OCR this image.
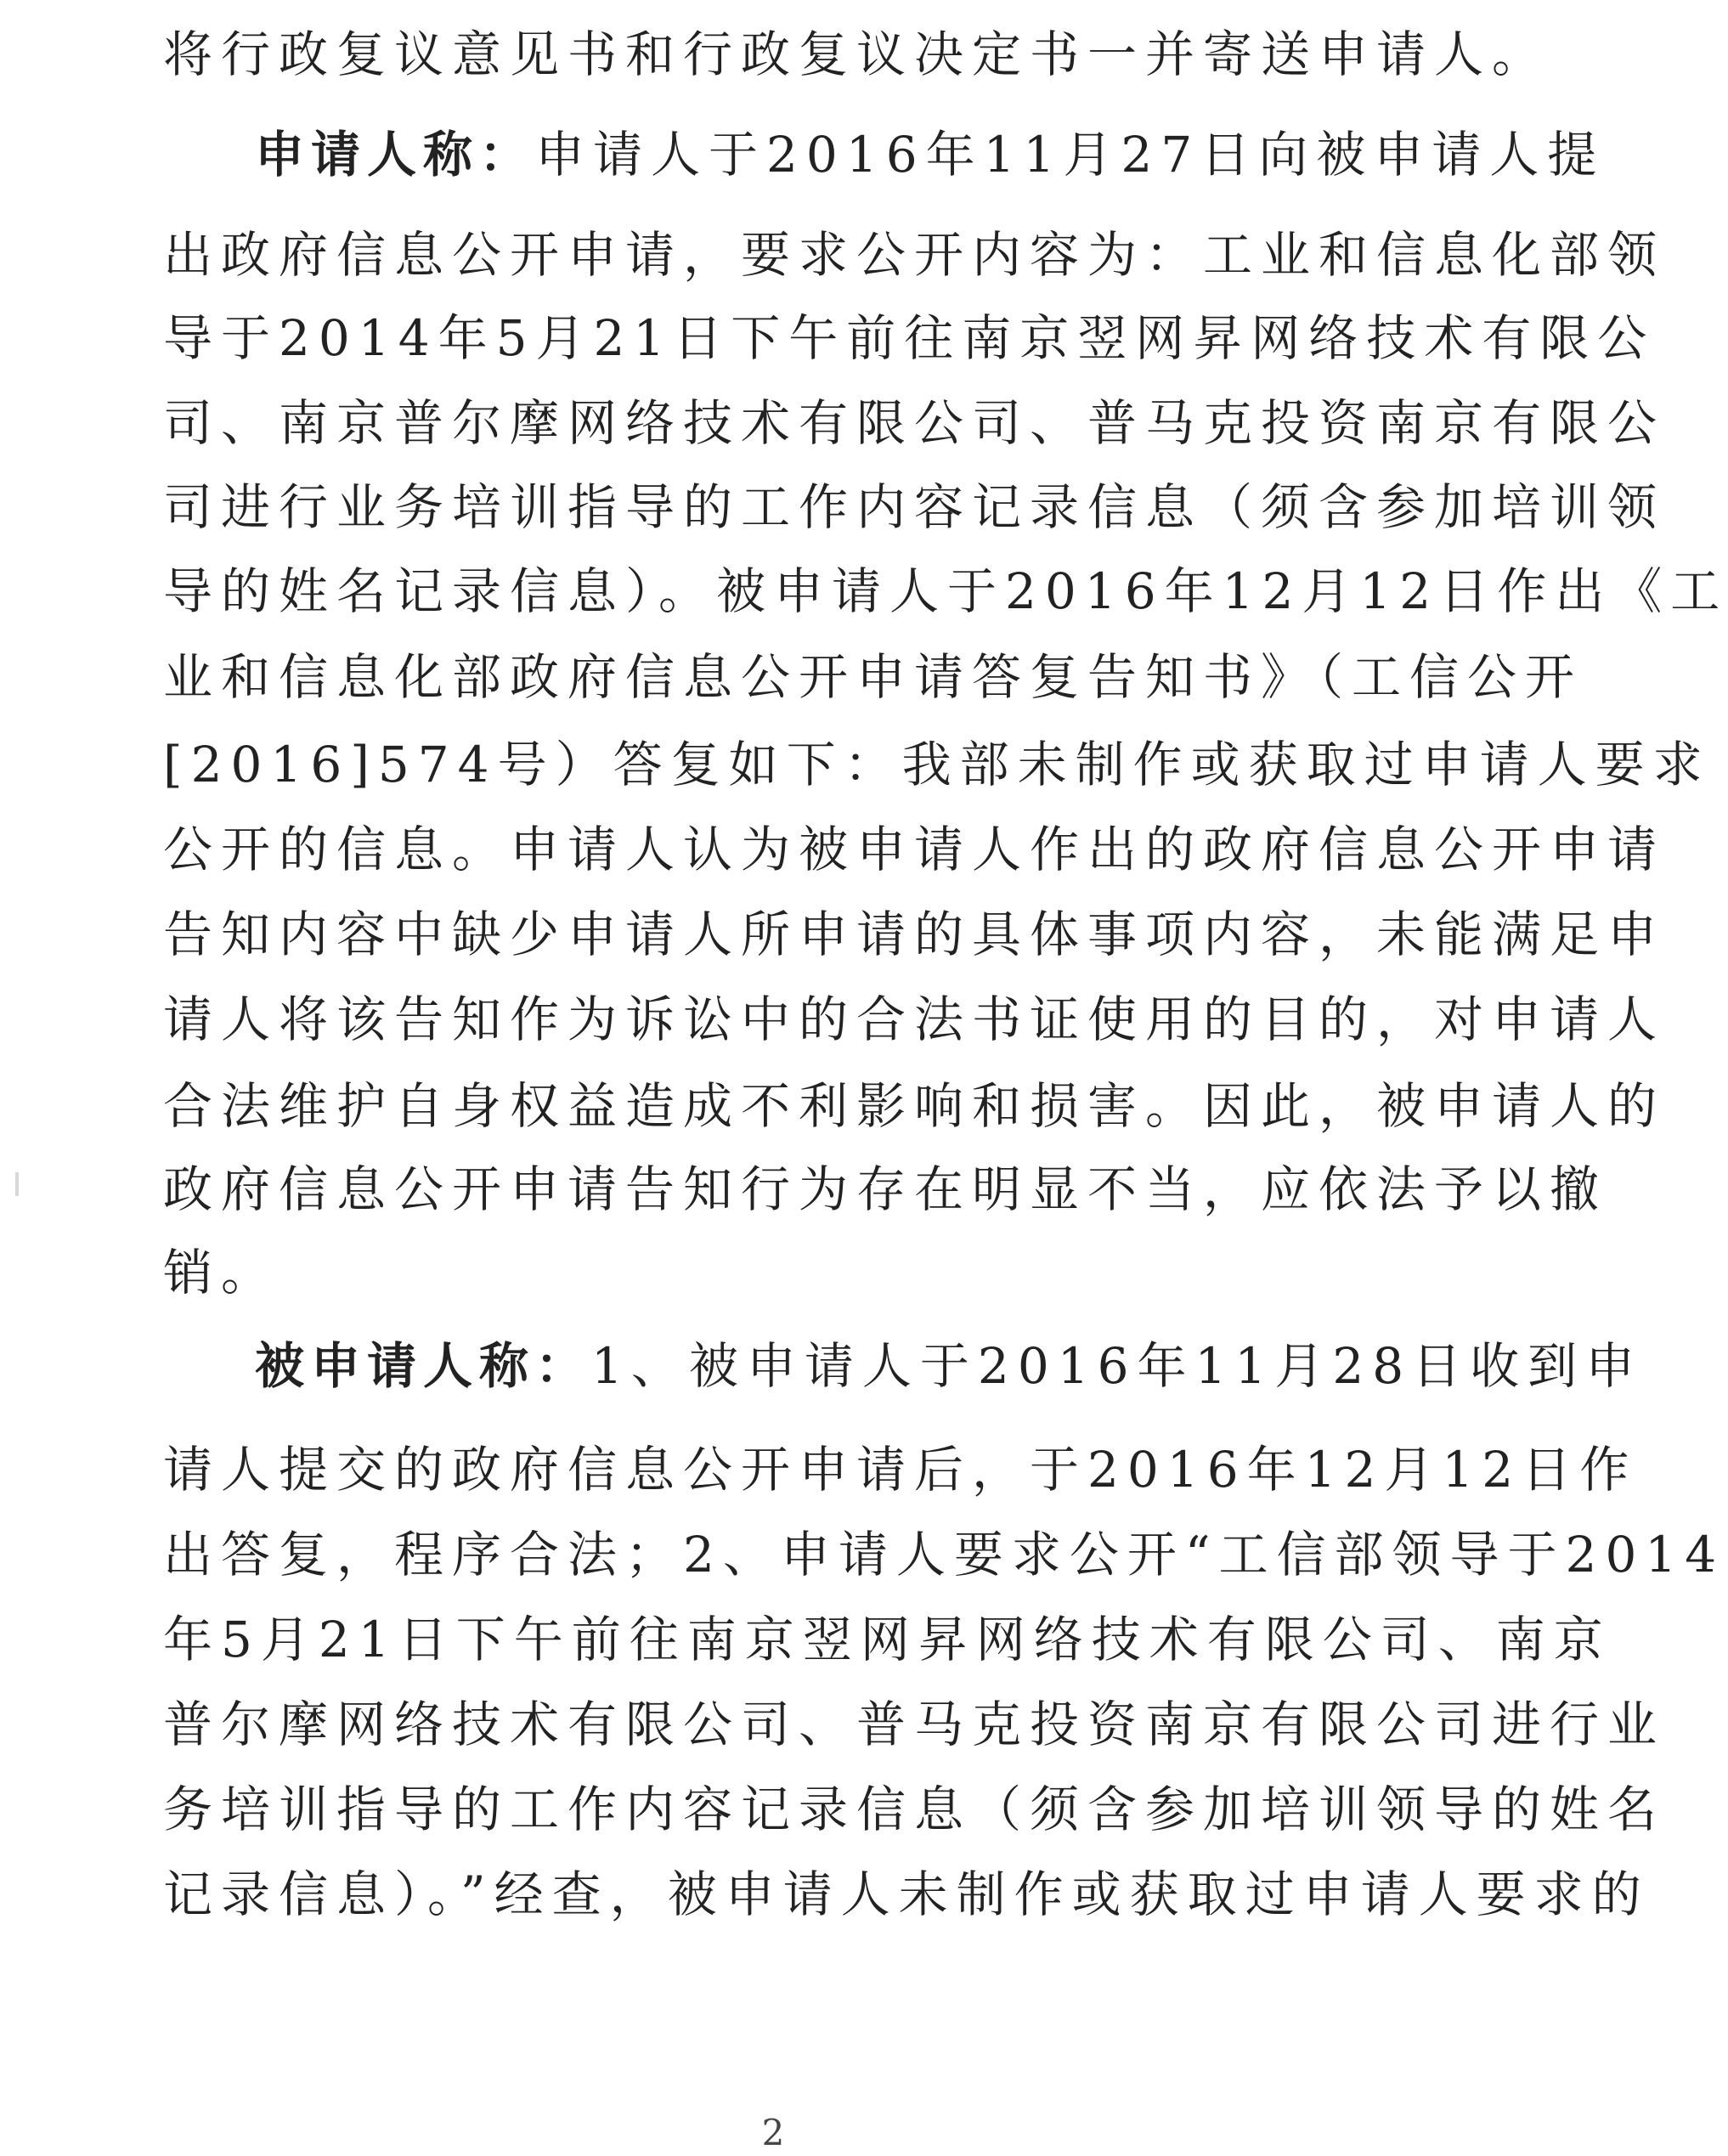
将行政复议意见书和行政复议决定书一并寄送申请人。
申请人称：申请人于2016年11月27日向被申请人提
出政府信息公开申请，要求公开内容为：工业和信息化部领
导于2014年5月21日下午前往南京翌网昇网络技术有限公
司、南京普尔摩网络技术有限公司、普马克投资南京有限公
司进行业务培训指导的工作内容记录信息（须含参加培训领
导的姓名记录信息）。被申请人于2016年12月12日作出《工
业和信息化部政府信息公开申请答复告知书》（工信公开
[2016]574号）答复如下：我部未制作或获取过申请人要求
公开的信息。申请人认为被申请人作出的政府信息公开申请
告知内容中缺少申请人所申请的具体事项内容，未能满足申
请人将该告知作为诉讼中的合法书证使用的目的，对申请人
合法维护自身权益造成不利影响和损害。因此，被申请人的
政府信息公开申请告知行为存在明显不当，应依法予以撤
销。
被申请人称：1、被申请人于2016年11月28日收到申
请人提交的政府信息公开申请后，于2016年12月12日作
出答复，程序合法；2、申请人要求公开“工信部领导于2014
年5月21日下午前往南京翌网昇网络技术有限公司、南京
普尔摩网络技术有限公司、普马克投资南京有限公司进行业
务培训指导的工作内容记录信息（须含参加培训领导的姓名
记录信息）。”经查，被申请人未制作或获取过申请人要求的
2
